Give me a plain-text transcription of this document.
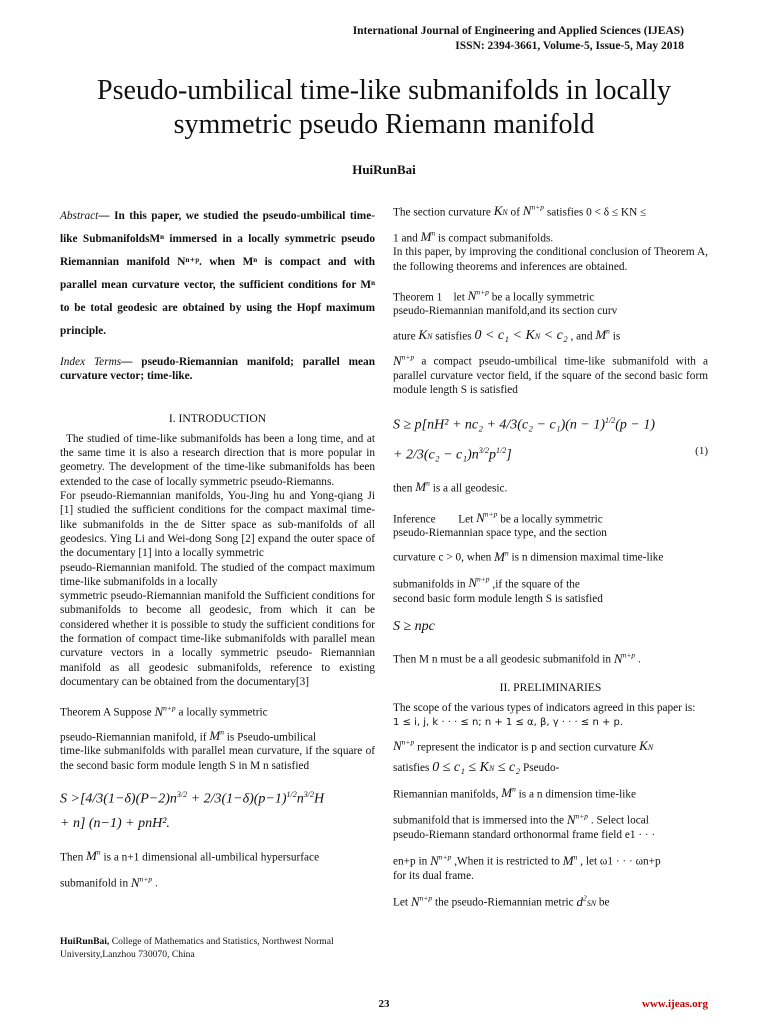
International Journal of Engineering and Applied Sciences (IJEAS)
ISSN: 2394-3661, Volume-5, Issue-5, May 2018
Pseudo-umbilical time-like submanifolds in locally symmetric pseudo Riemann manifold
HuiRunBai

Abstract— In this paper, we studied the pseudo-umbilical time-like SubmanifoldsMⁿ immersed in a locally symmetric pseudo Riemannian manifold Nⁿ⁺ᵖ. when Mⁿ is compact and with parallel mean curvature vector, the sufficient conditions for Mⁿ to be total geodesic are obtained by using the Hopf maximum principle.

Index Terms— pseudo-Riemannian manifold; parallel mean curvature vector; time-like.

I. INTRODUCTION

The studied of time-like submanifolds has been a long time, and at the same time it is also a research direction that is more popular in geometry. The development of the time-like submanifolds has been extended to the case of locally symmetric pseudo-Riemanns.

For pseudo-Riemannian manifolds, You-Jing hu and Yong-qiang Ji [1] studied the sufficient conditions for the compact maximal time-like submanifolds in the de Sitter space as sub-manifolds of all geodesics. Ying Li and Wei-dong Song [2] expand the outer space of the documentary [1] into a locally symmetric

pseudo-Riemannian manifold. The studied of the compact maximum time-like submanifolds in a locally

symmetric pseudo-Riemannian manifold the Sufficient conditions for submanifolds to become all geodesic, from which it can be considered whether it is possible to study the sufficient conditions for the formation of compact time-like submanifolds with parallel mean curvature vectors in a locally symmetric pseudo- Riemannian manifold as all geodesic submanifolds, reference to existing documentary can be obtained from the documentary[3]

Theorem A Suppose $N^{n+p}$ a locally symmetric

pseudo-Riemannian manifold, if $M^n$ is Pseudo-umbilical

time-like submanifolds with parallel mean curvature, if the square of the second basic form module length S in M n satisfied

$S >[4/3(1-\delta)(P-2)n^{3/2} + 2/3(1-\delta)(p-1)^{1/2}n^{3/2}H$
+ n] (n−1) + pnH².

Then $M^n$ is a n+1 dimensional all-umbilical hypersurface

submanifold in $N^{n+p}$ .

The section curvature KN of $N^{n+p}$ satisfies 0 < δ ≤ KN ≤

1 and $M^n$ is compact submanifolds.

In this paper, by improving the conditional conclusion of Theorem A, the following theorems and inferences are obtained.

Theorem 1 let $N^{n+p}$ be a locally symmetric

pseudo-Riemannian manifold,and its section curv

ature KN satisfies 0 < c₁ < KN < c₂ , and $M^n$ is

$N^{n+p}$ a compact pseudo-umbilical time-like submanifold with a parallel curvature vector field, if the square of the second basic form module length S is satisfied

$S \ge p[nH^2 + nc_2 + 4/3(c_2 - c_1)(n - 1)^{1/2}(p - 1)$
+ $2/3(c_2 - c_1)n^{3/2}p^{1/2}$]	(1)

then $M^n$ is a all geodesic.

Inference Let $N^{n+p}$ be a locally symmetric

pseudo-Riemannian space type, and the section

curvature c > 0, when $M^n$ is n dimension maximal time-like

submanifolds in $N^{n+p}$ ,if the square of the

second basic form module length S is satisfied

S ≥ npc

Then M n must be a all geodesic submanifold in $N^{n+p}$ .

II. PRELIMINARIES

The scope of the various types of indicators agreed in this paper is:

1 ≤ i, j, k · · · ≤ n; n + 1 ≤ α, β, γ · · · ≤ n + p.

$N^{n+p}$ represent the indicator is p and section curvature KN

satisfies 0 ≤ c₁ ≤ KN ≤ c₂ Pseudo-

Riemannian manifolds, $M^n$ is a n dimension time-like

submanifold that is immersed into the $N^{n+p}$ . Select local

pseudo-Riemann standard orthonormal frame field e1 · · ·

en+p in $N^{n+p}$ ,When it is restricted to $M^n$ , let ω1 · · · ωn+p

for its dual frame.

Let $N^{n+p}$ the pseudo-Riemannian metric $d^2SN$ be

HuiRunBai, College of Mathematics and Statistics, Northwest Normal University,Lanzhou 730070, China
23	www.ijeas.org
